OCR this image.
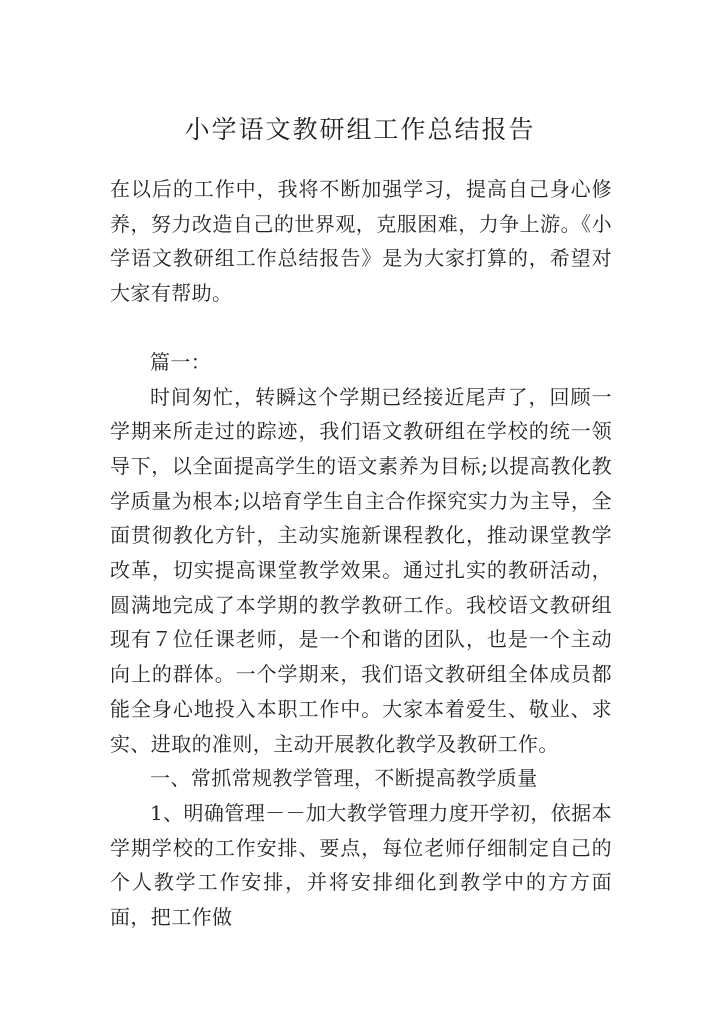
小学语文教研组工作总结报告

在以后的工作中，我将不断加强学习，提高自己身心修养，努力改造自己的世界观，克服困难，力争上游。《小学语文教研组工作总结报告》是为大家打算的，希望对大家有帮助。

篇一：

时间匆忙，转瞬这个学期已经接近尾声了，回顾一学期来所走过的踪迹，我们语文教研组在学校的统一领导下，以全面提高学生的语文素养为目标;以提高教化教学质量为根本;以培育学生自主合作探究实力为主导，全面贯彻教化方针，主动实施新课程教化，推动课堂教学改革，切实提高课堂教学效果。通过扎实的教研活动，圆满地完成了本学期的教学教研工作。我校语文教研组现有７位任课老师，是一个和谐的团队，也是一个主动向上的群体。一个学期来，我们语文教研组全体成员都能全身心地投入本职工作中。大家本着爱生、敬业、求实、进取的准则，主动开展教化教学及教研工作。

一、常抓常规教学管理，不断提高教学质量

1、明确管理－－加大教学管理力度开学初，依据本学期学校的工作安排、要点，每位老师仔细制定自己的个人教学工作安排，并将安排细化到教学中的方方面面，把工作做
